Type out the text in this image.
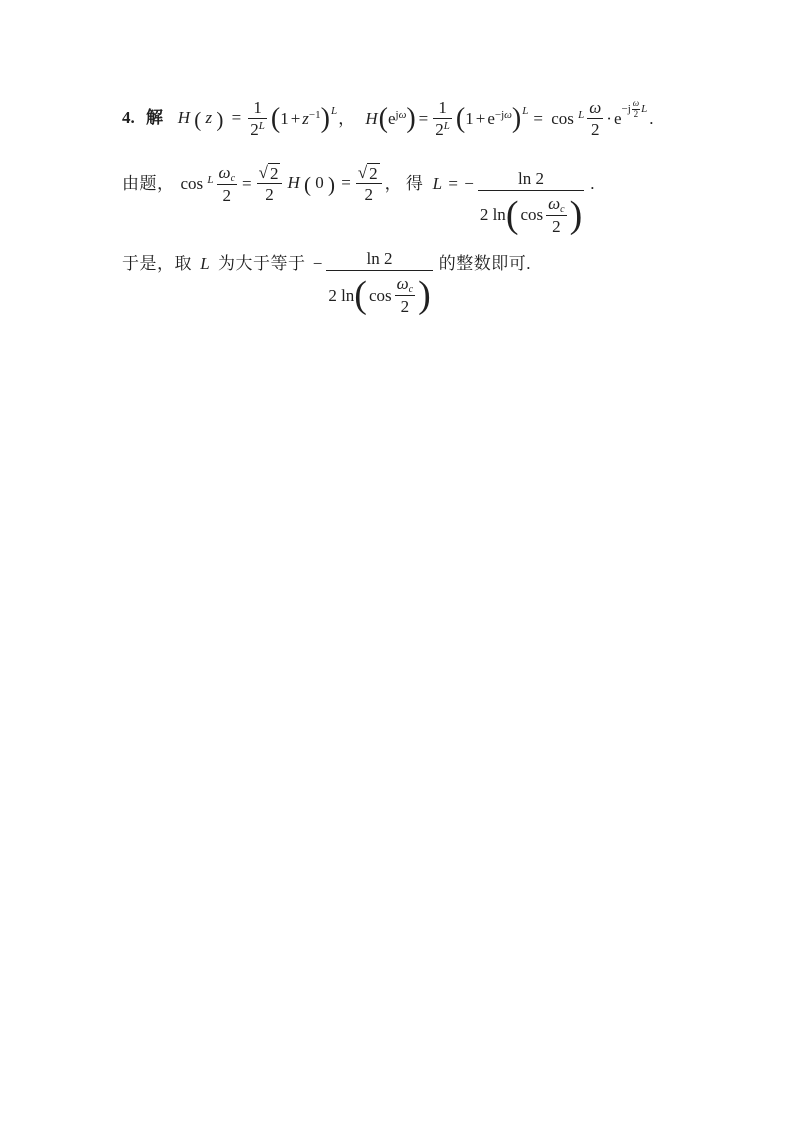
4. 解 H ( z ) = $\frac{1}{2^L}$ ( $1 + z^{-1}$ ) L ， H ( $e^{j\omega}$ ) = $\frac{1}{2^L}$ ( $1 + e^{-j\omega}$ ) $L = \cos ^L \frac{\omega}{2} \cdot e -j$ ω
2 L .
由题， $\cos ^L \frac{\omega c}{2} = \frac{√ 2}{2}$ H ( 0 ) = $\frac{√ 2}{2}$ ， 得 L = −	ln 2
2 ln ( $\cos \frac{\omega c}{2}$ )
.
于是，取 L 为大于等于 −	ln 2
2 ln ( $\cos \frac{\omega c}{2}$ )
的整数即可.
